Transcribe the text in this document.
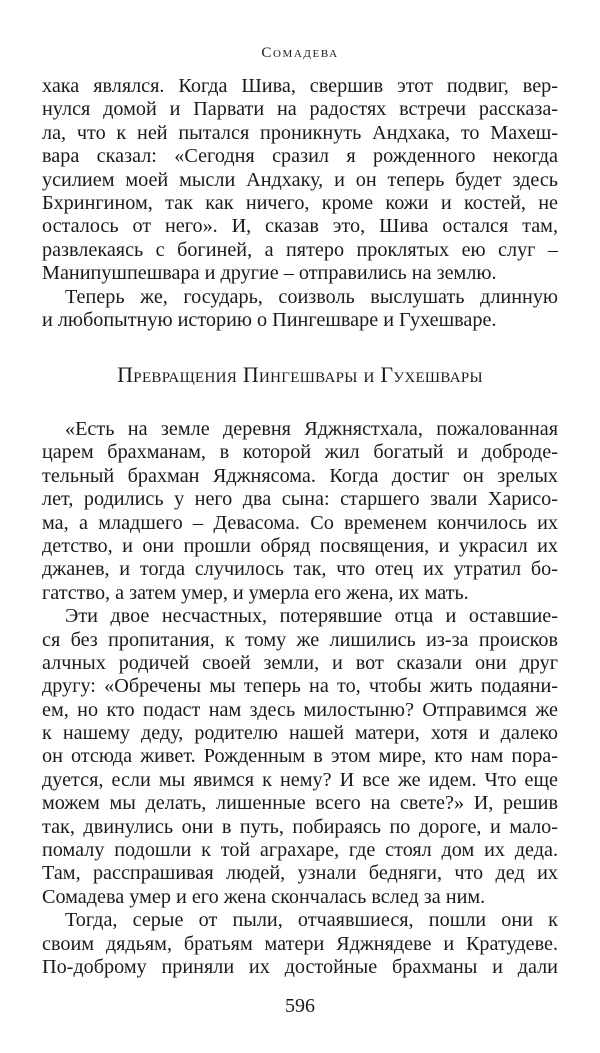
Сомадева
хака являлся. Когда Шива, свершив этот подвиг, вер-
нулся домой и Парвати на радостях встречи рассказа-
ла, что к ней пытался проникнуть Андхака, то Махеш-
вара сказал: «Сегодня сразил я рожденного некогда
усилием моей мысли Андхаку, и он теперь будет здесь
Бхрингином, так как ничего, кроме кожи и костей, не
осталось от него». И, сказав это, Шива остался там,
развлекаясь с богиней, а пятеро проклятых ею слуг –
Манипушпешвара и другие – отправились на землю.
Теперь же, государь, соизволь выслушать длинную
и любопытную историю о Пингешваре и Гухешваре.
Превращения Пингешвары и Гухешвары
«Есть на земле деревня Яджнястхала, пожалованная
царем брахманам, в которой жил богатый и доброде-
тельный брахман Яджнясома. Когда достиг он зрелых
лет, родились у него два сына: старшего звали Харисо-
ма, а младшего – Девасома. Со временем кончилось их
детство, и они прошли обряд посвящения, и украсил их
джанев, и тогда случилось так, что отец их утратил бо-
гатство, а затем умер, и умерла его жена, их мать.
Эти двое несчастных, потерявшие отца и оставшие-
ся без пропитания, к тому же лишились из-за происков
алчных родичей своей земли, и вот сказали они друг
другу: «Обречены мы теперь на то, чтобы жить подаяни-
ем, но кто подаст нам здесь милостыню? Отправимся же
к нашему деду, родителю нашей матери, хотя и далеко
он отсюда живет. Рожденным в этом мире, кто нам пора-
дуется, если мы явимся к нему? И все же идем. Что еще
можем мы делать, лишенные всего на свете?» И, решив
так, двинулись они в путь, побираясь по дороге, и мало-
помалу подошли к той аграхаре, где стоял дом их деда.
Там, расспрашивая людей, узнали бедняги, что дед их
Сомадева умер и его жена скончалась вслед за ним.
Тогда, серые от пыли, отчаявшиеся, пошли они к
своим дядьям, братьям матери Яджнядеве и Кратудеве.
По-доброму приняли их достойные брахманы и дали
596
